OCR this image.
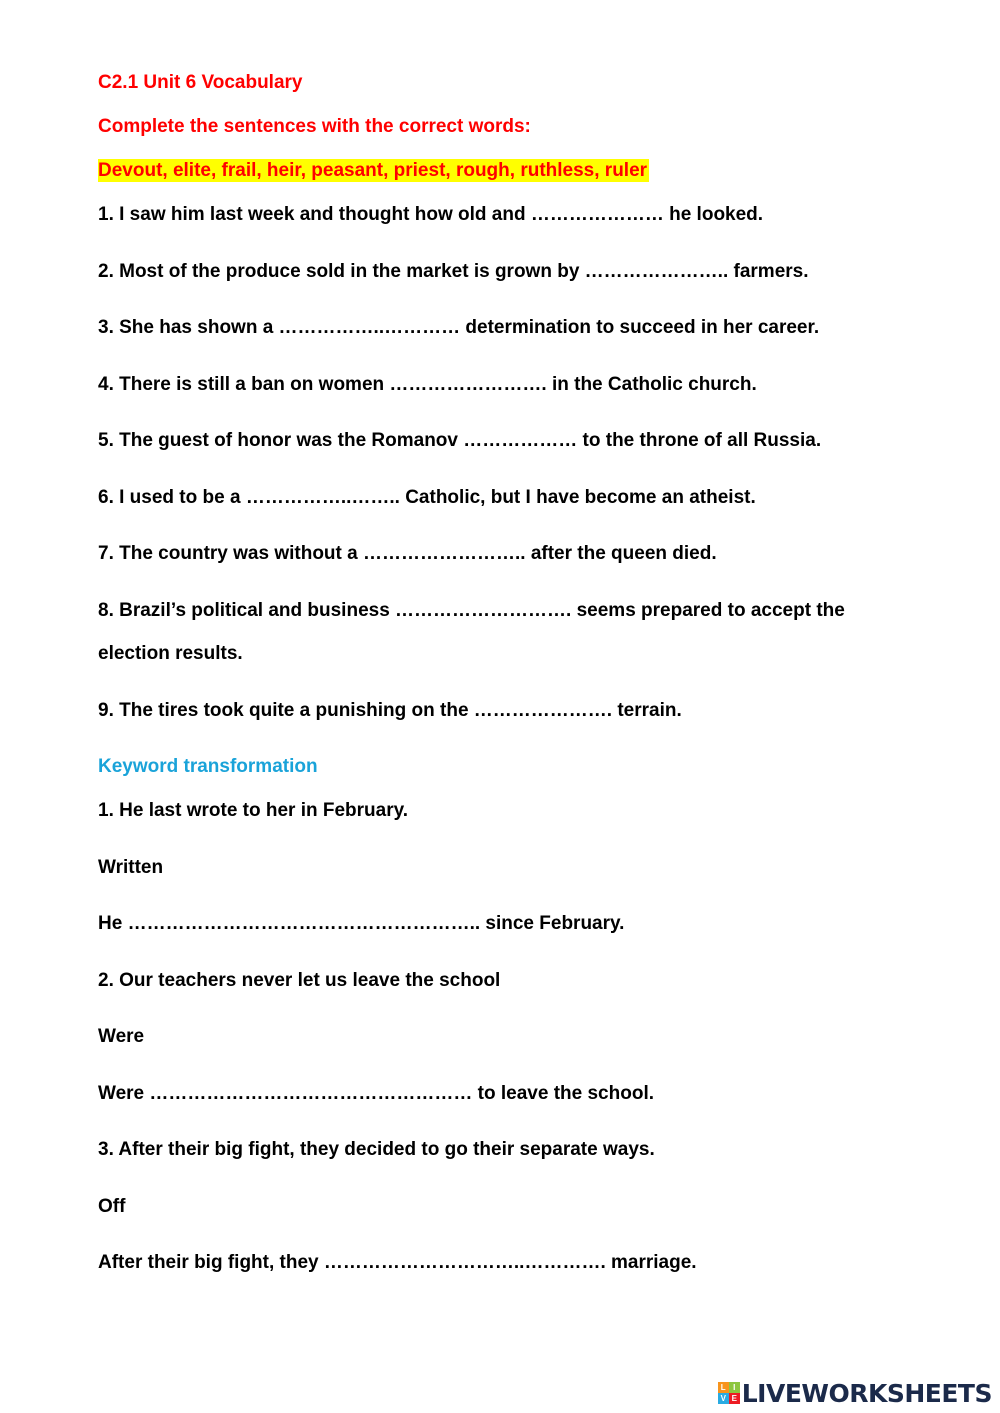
C2.1 Unit 6 Vocabulary
Complete the sentences with the correct words:
Devout, elite, frail, heir, peasant, priest, rough, ruthless, ruler
1. I saw him last week and thought how old and ………………… he looked.
2. Most of the produce sold in the market is grown by ………………….. farmers.
3. She has shown a ……………..………… determination to succeed in her career.
4. There is still a ban on women ……………………. in the Catholic church.
5. The guest of honor was the Romanov ……………… to the throne of all Russia.
6. I used to be a ……………..…….. Catholic, but I have become an atheist.
7. The country was without a …………………….. after the queen died.
8. Brazil’s political and business ………………………. seems prepared to accept the
election results.
9. The tires took quite a punishing on the …………………. terrain.
Keyword transformation
1. He last wrote to her in February.
Written
He ……………………………………………….. since February.
2. Our teachers never let us leave the school
Were
Were …………………………………………… to leave the school.
3. After their big fight, they decided to go their separate ways.
Off
After their big fight, they …………………………..…………. marriage.
L I
V E LIVEWORKSHEETS
